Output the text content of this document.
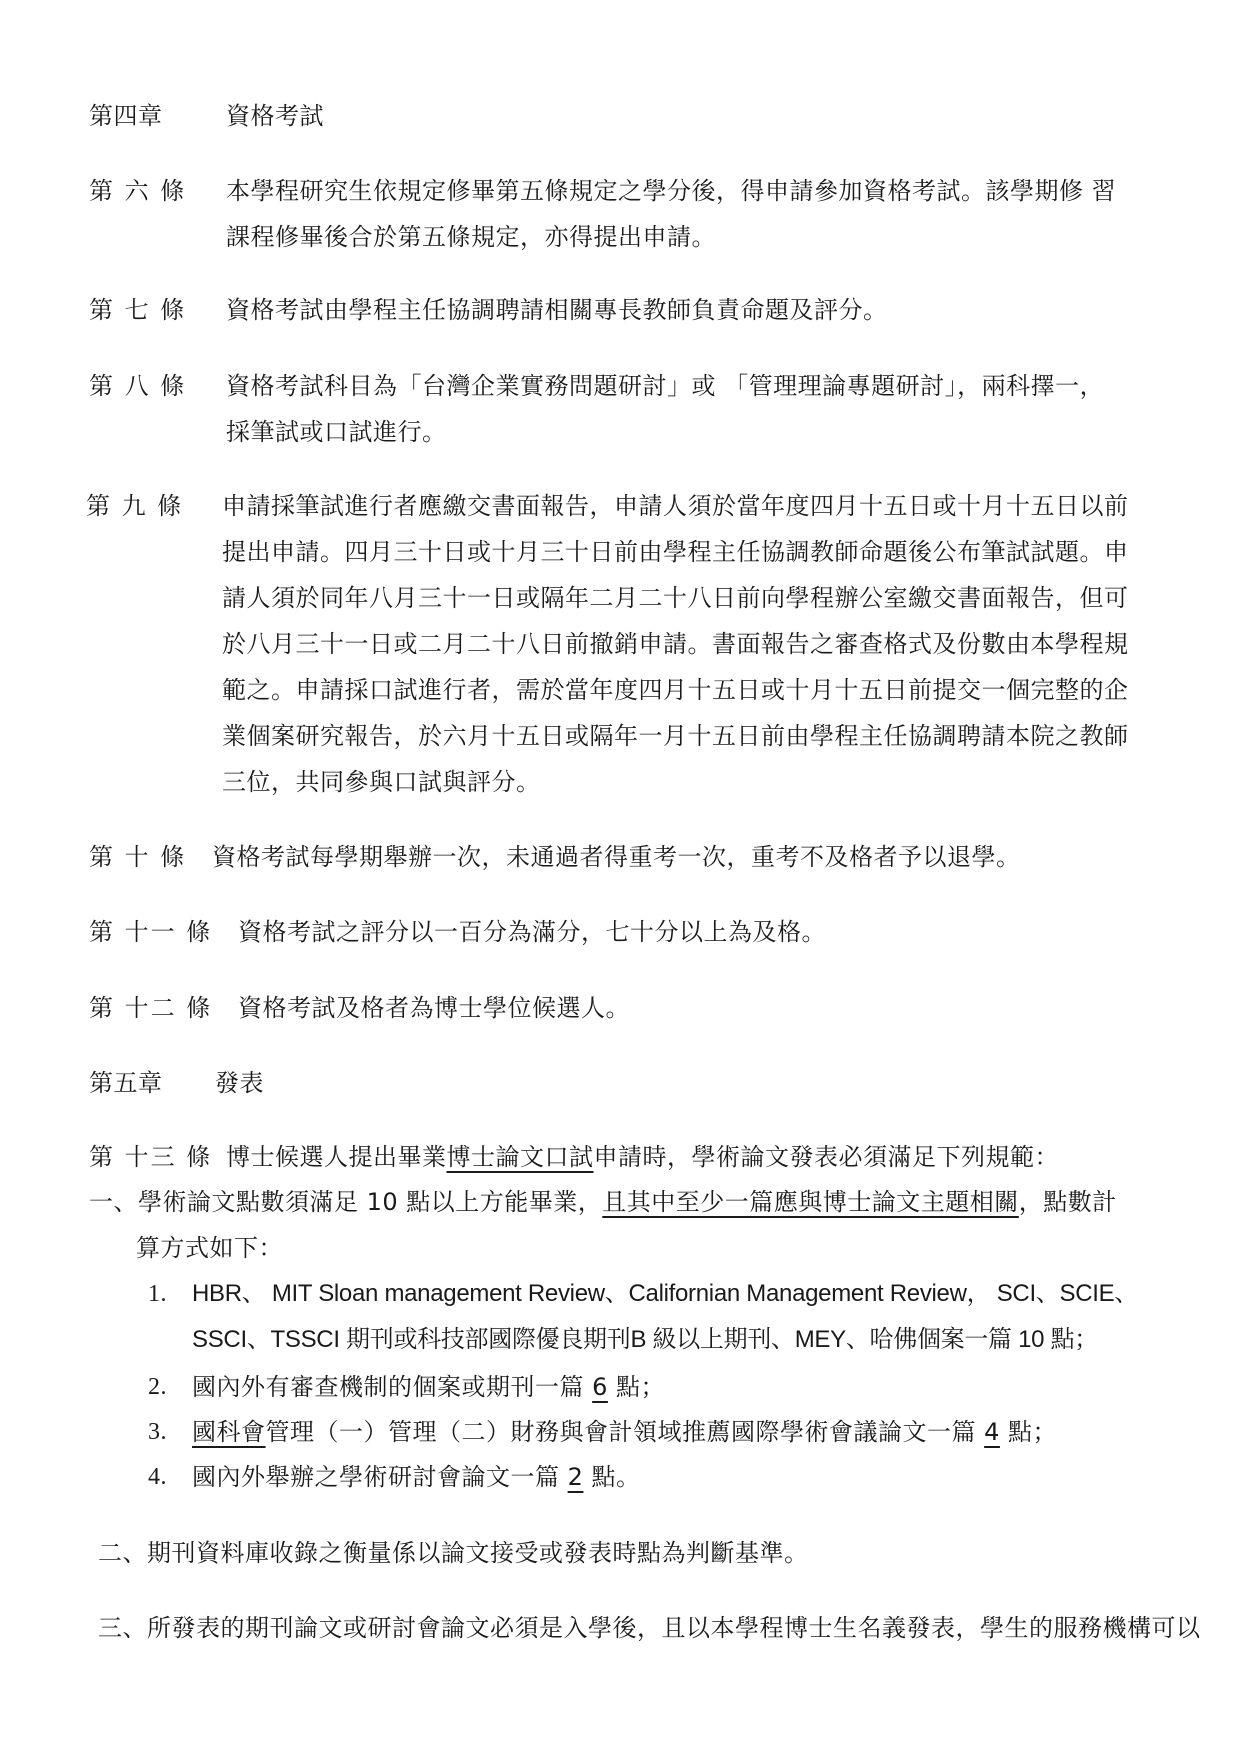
第四章	資格考試
第 六 條 本學程研究生依規定修畢第五條規定之學分後，得申請參加資格考試。該學期修 習
課程修畢後合於第五條規定，亦得提出申請。
第 七 條 資格考試由學程主任協調聘請相關專長教師負責命題及評分。
第 八 條 資格考試科目為「台灣企業實務問題研討」或 「管理理論專題研討」，兩科擇一，
採筆試或口試進行。
第 九 條 申請採筆試進行者應繳交書面報告，申請人須於當年度四月十五日或十月十五日以前
提出申請。四月三十日或十月三十日前由學程主任協調教師命題後公布筆試試題。申
請人須於同年八月三十一日或隔年二月二十八日前向學程辦公室繳交書面報告，但可
於八月三十一日或二月二十八日前撤銷申請。書面報告之審查格式及份數由本學程規
範之。申請採口試進行者，需於當年度四月十五日或十月十五日前提交一個完整的企
業個案研究報告，於六月十五日或隔年一月十五日前由學程主任協調聘請本院之教師
三位，共同參與口試與評分。
第 十 條 資格考試每學期舉辦一次，未通過者得重考一次，重考不及格者予以退學。
第 十一 條 資格考試之評分以一百分為滿分，七十分以上為及格。
第 十二 條 資格考試及格者為博士學位候選人。
第五章 發表
第 十三 條 博士候選人提出畢業博士論文口試申請時，學術論文發表必須滿足下列規範：
一、學術論文點數須滿足 10 點以上方能畢業，且其中至少一篇應與博士論文主題相關，點數計
算方式如下：
1. HBR、 MIT Sloan management Review、Californian Management Review， SCI、SCIE、
SSCI、TSSCI 期刊或科技部國際優良期刊B 級以上期刊、MEY、哈佛個案一篇 10 點；
2. 國內外有審查機制的個案或期刊一篇 6 點；
3. 國科會管理（一）管理（二）財務與會計領域推薦國際學術會議論文一篇 4 點；
4. 國內外舉辦之學術研討會論文一篇 2 點。
二、期刊資料庫收錄之衡量係以論文接受或發表時點為判斷基準。
三、所發表的期刊論文或研討會論文必須是入學後，且以本學程博士生名義發表，學生的服務機構可以
